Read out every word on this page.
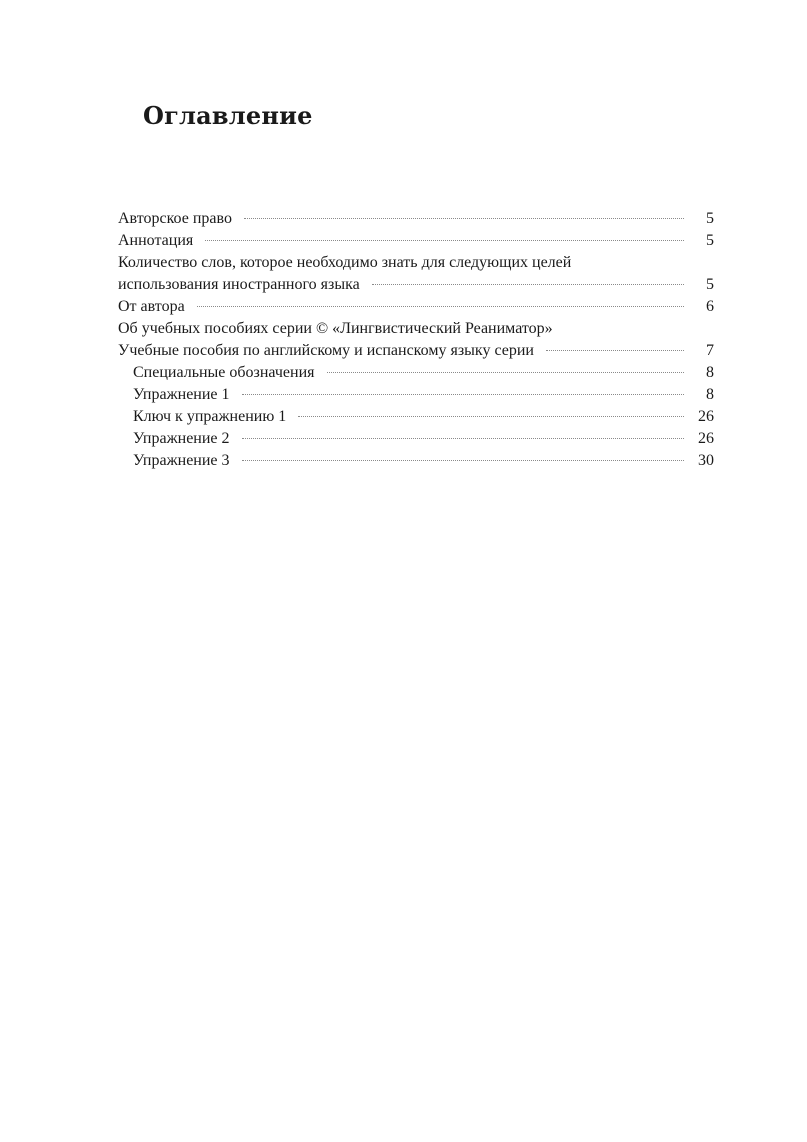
Оглавление
Авторское право	5
Аннотация	5
Количество слов, которое необходимо знать для следующих целей
использования иностранного языка	5
От автора	6
Об учебных пособиях серии © «Лингвистический Реаниматор»
Учебные пособия по английскому и испанскому языку серии	7
Специальные обозначения	8
Упражнение 1	8
Ключ к упражнению 1	26
Упражнение 2	26
Упражнение 3	30
